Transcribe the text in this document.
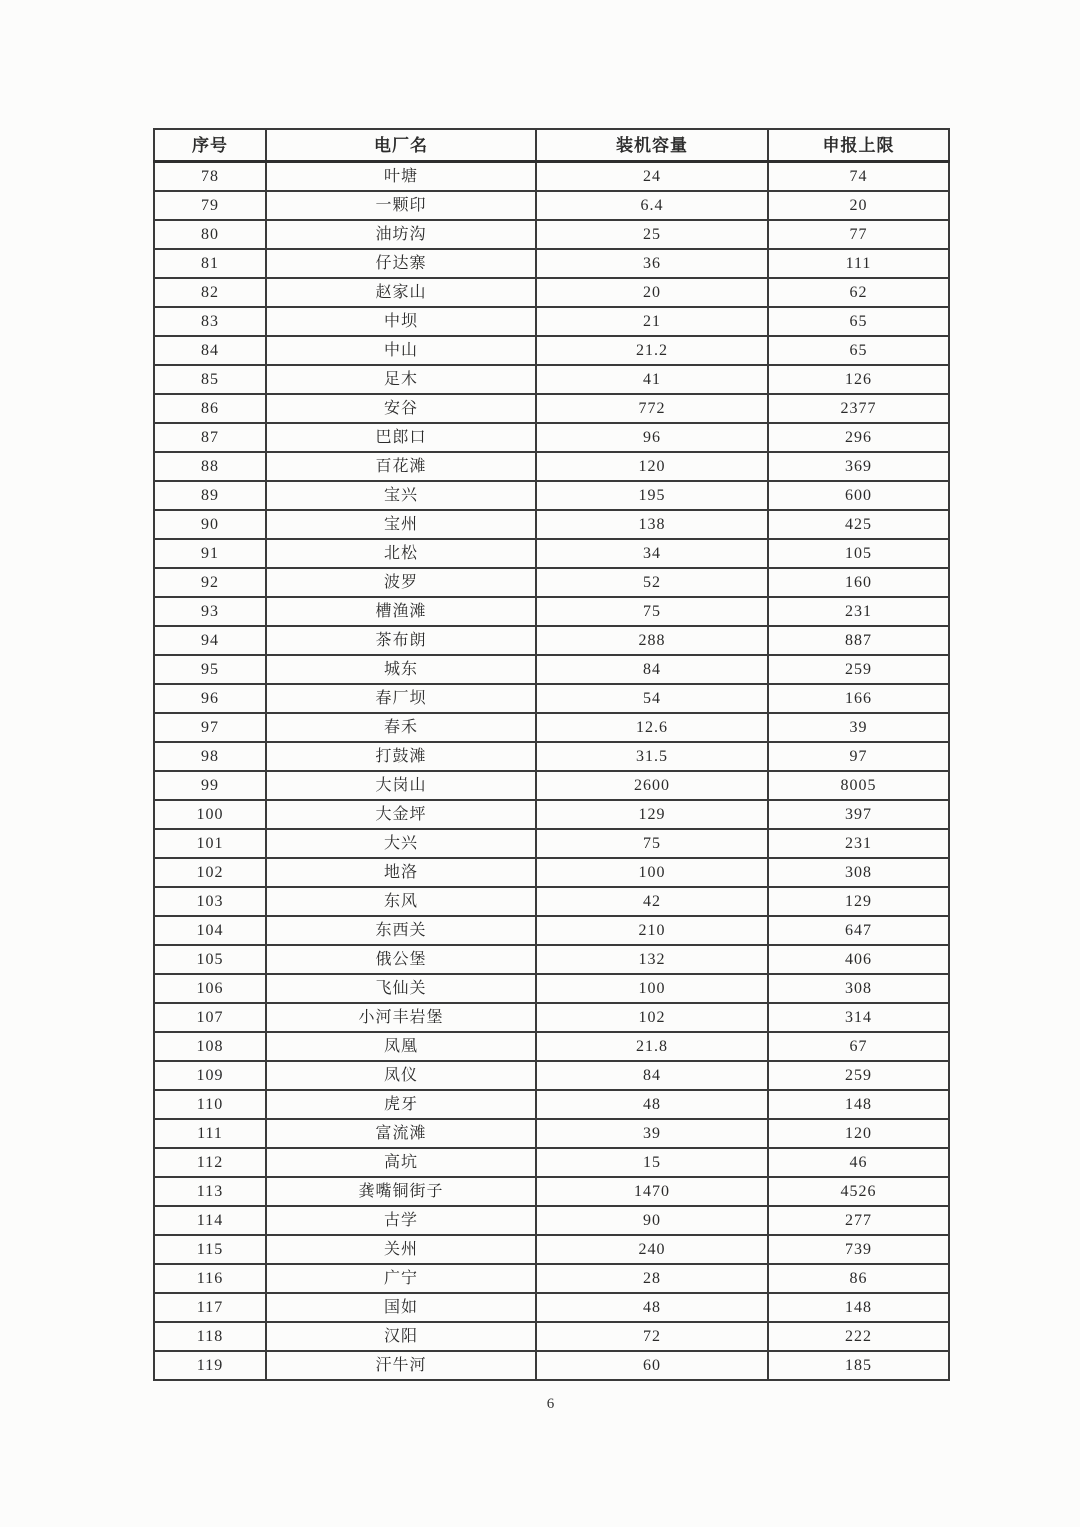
序号	电厂名	装机容量	申报上限
78	叶塘	24	74
79	一颗印	6.4	20
80	油坊沟	25	77
81	仔达寨	36	111
82	赵家山	20	62
83	中坝	21	65
84	中山	21.2	65
85	足木	41	126
86	安谷	772	2377
87	巴郎口	96	296
88	百花滩	120	369
89	宝兴	195	600
90	宝州	138	425
91	北松	34	105
92	波罗	52	160
93	槽渔滩	75	231
94	茶布朗	288	887
95	城东	84	259
96	春厂坝	54	166
97	春禾	12.6	39
98	打鼓滩	31.5	97
99	大岗山	2600	8005
100	大金坪	129	397
101	大兴	75	231
102	地洛	100	308
103	东风	42	129
104	东西关	210	647
105	俄公堡	132	406
106	飞仙关	100	308
107	小河丰岩堡	102	314
108	凤凰	21.8	67
109	凤仪	84	259
110	虎牙	48	148
111	富流滩	39	120
112	高坑	15	46
113	龚嘴铜街子	1470	4526
114	古学	90	277
115	关州	240	739
116	广宁	28	86
117	国如	48	148
118	汉阳	72	222
119	汗牛河	60	185
6
